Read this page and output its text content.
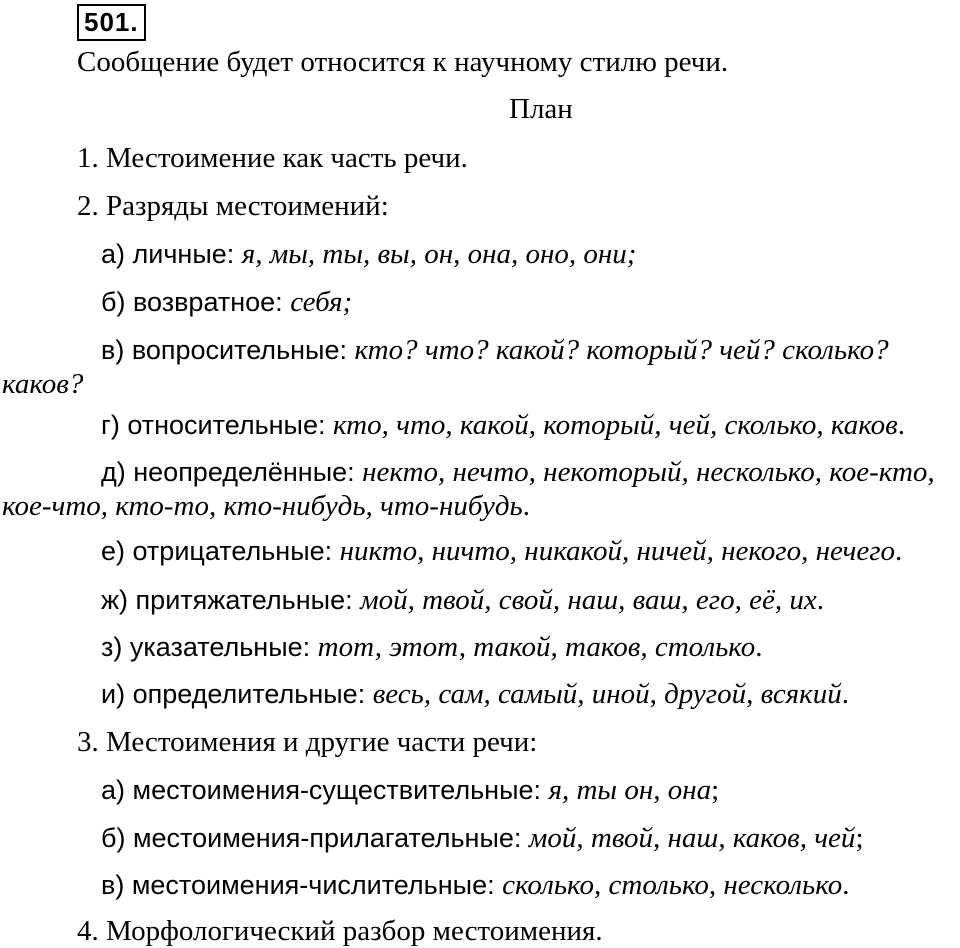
501.
Сообщение будет относится к научному стилю речи.
План
1. Местоимение как часть речи.
2. Разряды местоимений:
а) личные: я, мы, ты, вы, он, она, оно, они;
б) возвратное: себя;
в) вопросительные: кто? что? какой? который? чей? сколько?
каков?
г) относительные: кто, что, какой, который, чей, сколько, каков.
д) неопределённые: некто, нечто, некоторый, несколько, кое-кто,
кое-что, кто-то, кто-нибудь, что-нибудь.
е) отрицательные: никто, ничто, никакой, ничей, некого, нечего.
ж) притяжательные: мой, твой, свой, наш, ваш, его, её, их.
з) указательные: тот, этот, такой, таков, столько.
и) определительные: весь, сам, самый, иной, другой, всякий.
3. Местоимения и другие части речи:
а) местоимения-существительные: я, ты он, она;
б) местоимения-прилагательные: мой, твой, наш, каков, чей;
в) местоимения-числительные: сколько, столько, несколько.
4. Морфологический разбор местоимения.
